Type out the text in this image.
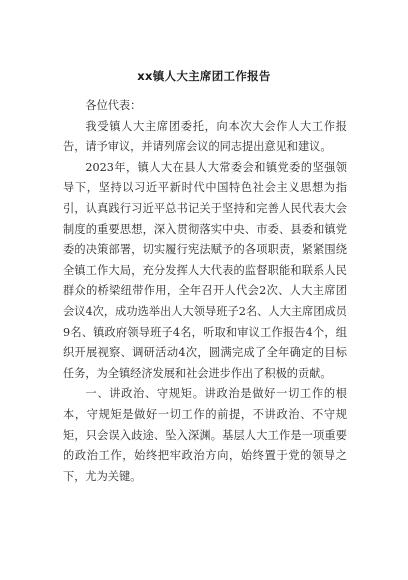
xx镇人大主席团工作报告

各位代表：

我受镇人大主席团委托，向本次大会作人大工作报告，请予审议，并请列席会议的同志提出意见和建议。

2023年，镇人大在县人大常委会和镇党委的坚强领导下，坚持以习近平新时代中国特色社会主义思想为指引，认真践行习近平总书记关于坚持和完善人民代表大会制度的重要思想，深入贯彻落实中央、市委、县委和镇党委的决策部署，切实履行宪法赋予的各项职责，紧紧围绕全镇工作大局，充分发挥人大代表的监督职能和联系人民群众的桥梁纽带作用，全年召开人代会2次、人大主席团会议4次，成功选举出人大领导班子2名、人大主席团成员9名、镇政府领导班子4名，听取和审议工作报告4个，组织开展视察、调研活动4次，圆满完成了全年确定的目标任务，为全镇经济发展和社会进步作出了积极的贡献。

一、讲政治、守规矩。讲政治是做好一切工作的根本，守规矩是做好一切工作的前提，不讲政治、不守规矩，只会误入歧途、坠入深渊。基层人大工作是一项重要的政治工作，始终把牢政治方向，始终置于党的领导之下，尤为关键。
